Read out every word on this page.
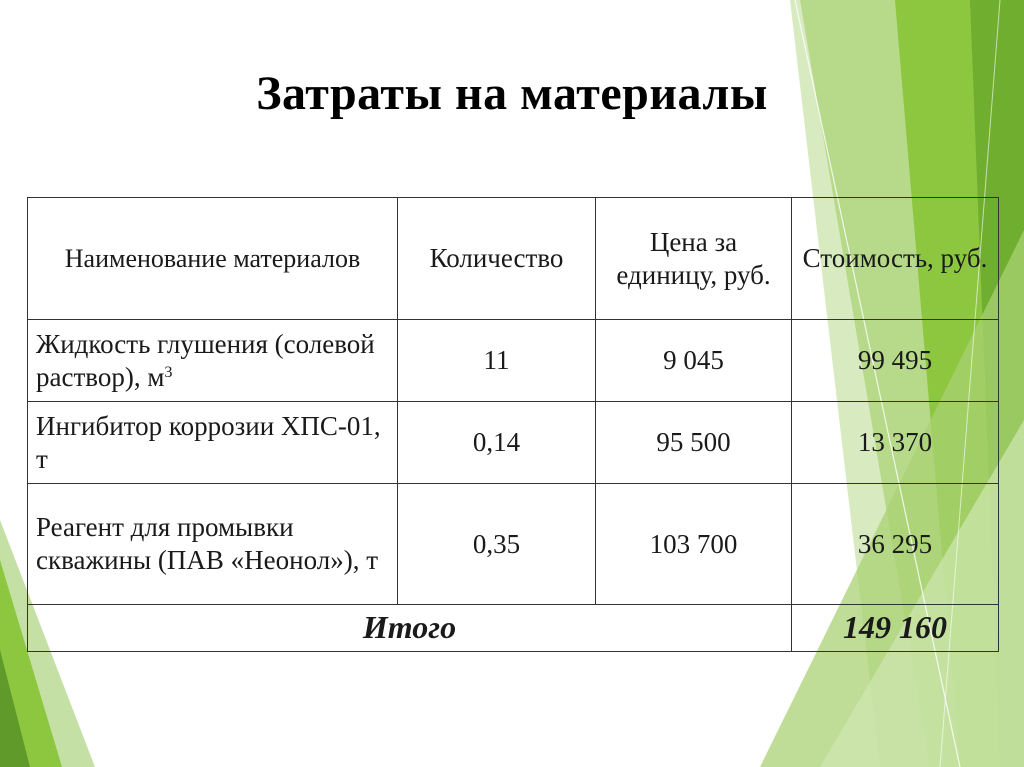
Затраты на материалы
Наименование материалов	Количество	Цена за единицу, руб.	Стоимость, руб.
Жидкость глушения (солевой раствор), $м^3$	11	9 045	99 495
Ингибитор коррозии ХПС-01, т	0,14	95 500	13 370
Реагент для промывки скважины (ПАВ «Неонол»), т	0,35	103 700	36 295
Итого			149 160
